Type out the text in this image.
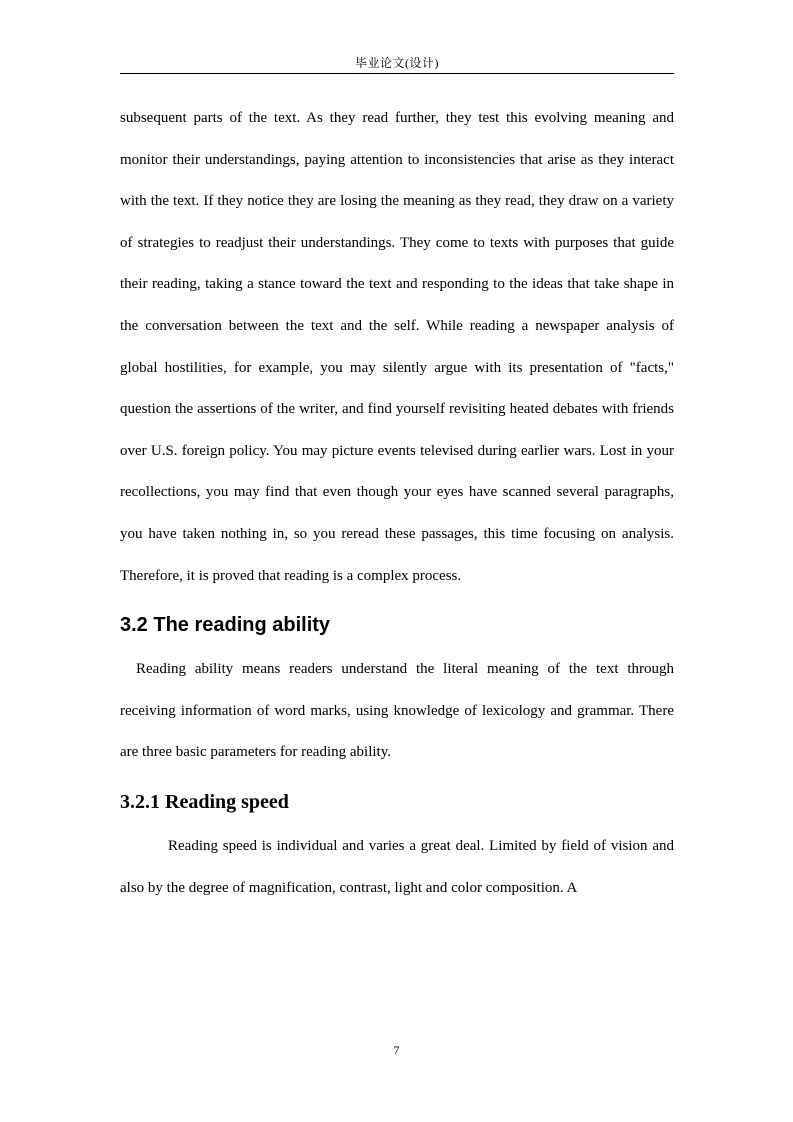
毕业论文(设计)

subsequent parts of the text. As they read further, they test this evolving meaning and monitor their understandings, paying attention to inconsistencies that arise as they interact with the text. If they notice they are losing the meaning as they read, they draw on a variety of strategies to readjust their understandings. They come to texts with purposes that guide their reading, taking a stance toward the text and responding to the ideas that take shape in the conversation between the text and the self. While reading a newspaper analysis of global hostilities, for example, you may silently argue with its presentation of "facts," question the assertions of the writer, and find yourself revisiting heated debates with friends over U.S. foreign policy. You may picture events televised during earlier wars. Lost in your recollections, you may find that even though your eyes have scanned several paragraphs, you have taken nothing in, so you reread these passages, this time focusing on analysis. Therefore, it is proved that reading is a complex process.

3.2 The reading ability

Reading ability means readers understand the literal meaning of the text through receiving information of word marks, using knowledge of lexicology and grammar. There are three basic parameters for reading ability.

3.2.1 Reading speed

Reading speed is individual and varies a great deal. Limited by field of vision and also by the degree of magnification, contrast, light and color composition. A

7
